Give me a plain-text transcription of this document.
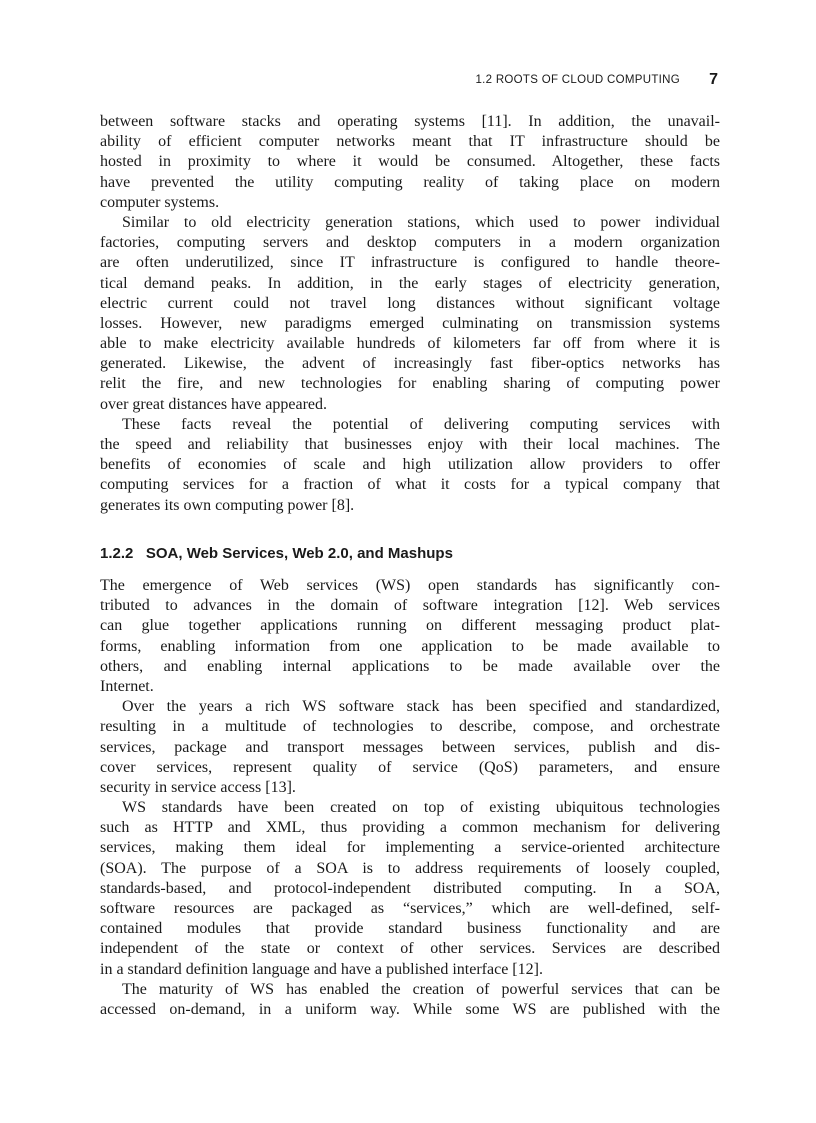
1.2 ROOTS OF CLOUD COMPUTING 7
between software stacks and operating systems [11]. In addition, the unavail-
ability of efficient computer networks meant that IT infrastructure should be
hosted in proximity to where it would be consumed. Altogether, these facts
have prevented the utility computing reality of taking place on modern
computer systems.
Similar to old electricity generation stations, which used to power individual
factories, computing servers and desktop computers in a modern organization
are often underutilized, since IT infrastructure is configured to handle theore-
tical demand peaks. In addition, in the early stages of electricity generation,
electric current could not travel long distances without significant voltage
losses. However, new paradigms emerged culminating on transmission systems
able to make electricity available hundreds of kilometers far off from where it is
generated. Likewise, the advent of increasingly fast fiber-optics networks has
relit the fire, and new technologies for enabling sharing of computing power
over great distances have appeared.
These facts reveal the potential of delivering computing services with
the speed and reliability that businesses enjoy with their local machines. The
benefits of economies of scale and high utilization allow providers to offer
computing services for a fraction of what it costs for a typical company that
generates its own computing power [8].
1.2.2   SOA, Web Services, Web 2.0, and Mashups
The emergence of Web services (WS) open standards has significantly con-
tributed to advances in the domain of software integration [12]. Web services
can glue together applications running on different messaging product plat-
forms, enabling information from one application to be made available to
others, and enabling internal applications to be made available over the
Internet.
Over the years a rich WS software stack has been specified and standardized,
resulting in a multitude of technologies to describe, compose, and orchestrate
services, package and transport messages between services, publish and dis-
cover services, represent quality of service (QoS) parameters, and ensure
security in service access [13].
WS standards have been created on top of existing ubiquitous technologies
such as HTTP and XML, thus providing a common mechanism for delivering
services, making them ideal for implementing a service-oriented architecture
(SOA). The purpose of a SOA is to address requirements of loosely coupled,
standards-based, and protocol-independent distributed computing. In a SOA,
software resources are packaged as “services,” which are well-defined, self-
contained modules that provide standard business functionality and are
independent of the state or context of other services. Services are described
in a standard definition language and have a published interface [12].
The maturity of WS has enabled the creation of powerful services that can be
accessed on-demand, in a uniform way. While some WS are published with the
